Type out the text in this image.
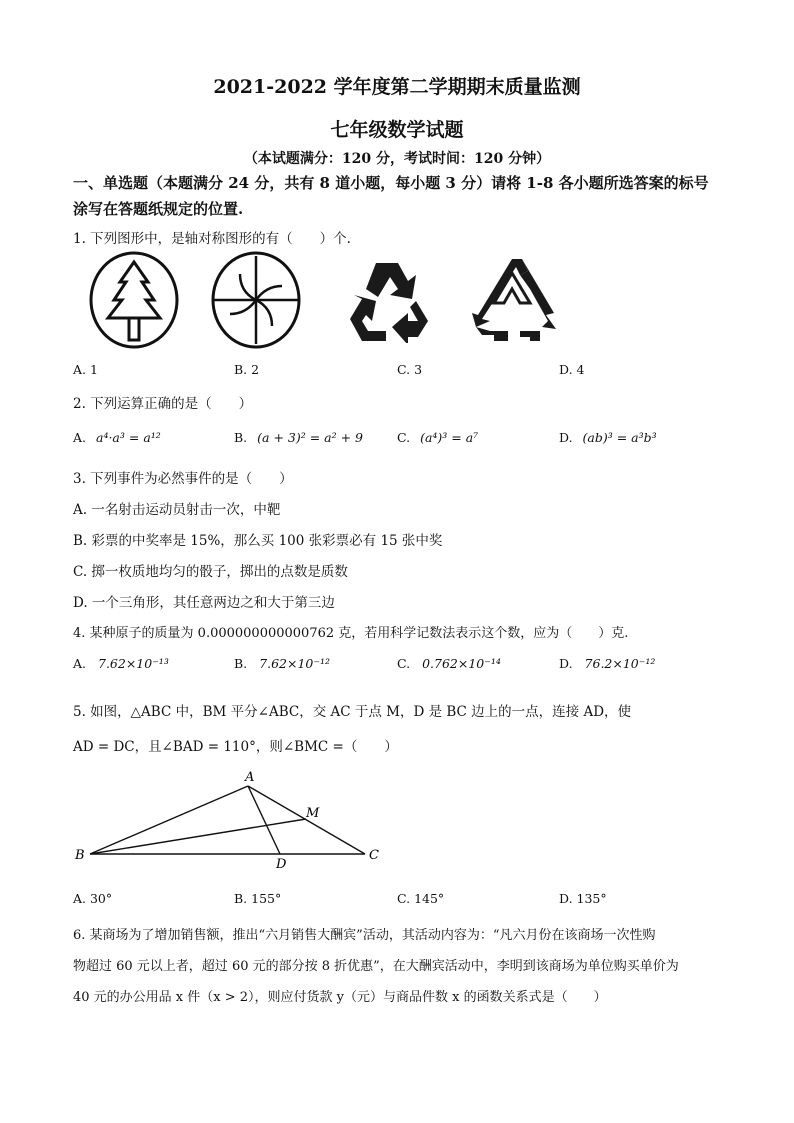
2021-2022 学年度第二学期期末质量监测
七年级数学试题
（本试题满分：120 分，考试时间：120 分钟）
一、单选题（本题满分 24 分，共有 8 道小题，每小题 3 分）请将 1-8 各小题所选答案的标号
涂写在答题纸规定的位置.
1. 下列图形中，是轴对称图形的有（　　）个.
A. 1	B. 2	C. 3	D. 4
2. 下列运算正确的是（　　）
A. a⁴·a³ = a¹²	B. (a + 3)² = a² + 9	C. (a⁴)³ = a⁷	D. (ab)³ = a³b³
3. 下列事件为必然事件的是（　　）
A. 一名射击运动员射击一次，中靶
B. 彩票的中奖率是 15%，那么买 100 张彩票必有 15 张中奖
C. 掷一枚质地均匀的骰子，掷出的点数是质数
D. 一个三角形，其任意两边之和大于第三边
4. 某种原子的质量为 0.000000000000762 克，若用科学记数法表示这个数，应为（　　）克.
A. 7.62×10⁻¹³	B. 7.62×10⁻¹²	C. 0.762×10⁻¹⁴	D. 76.2×10⁻¹²
5. 如图，△ABC 中，BM 平分∠ABC，交 AC 于点 M，D 是 BC 边上的一点，连接 AD，使
AD = DC，且∠BAD = 110°，则∠BMC =（　　）
A
B	C
D
M
A. 30°	B. 155°	C. 145°	D. 135°
6. 某商场为了增加销售额，推出“六月销售大酬宾”活动，其活动内容为：“凡六月份在该商场一次性购
物超过 60 元以上者，超过 60 元的部分按 8 折优惠”，在大酬宾活动中，李明到该商场为单位购买单价为
40 元的办公用品 x 件（x > 2），则应付货款 y（元）与商品件数 x 的函数关系式是（　　）
